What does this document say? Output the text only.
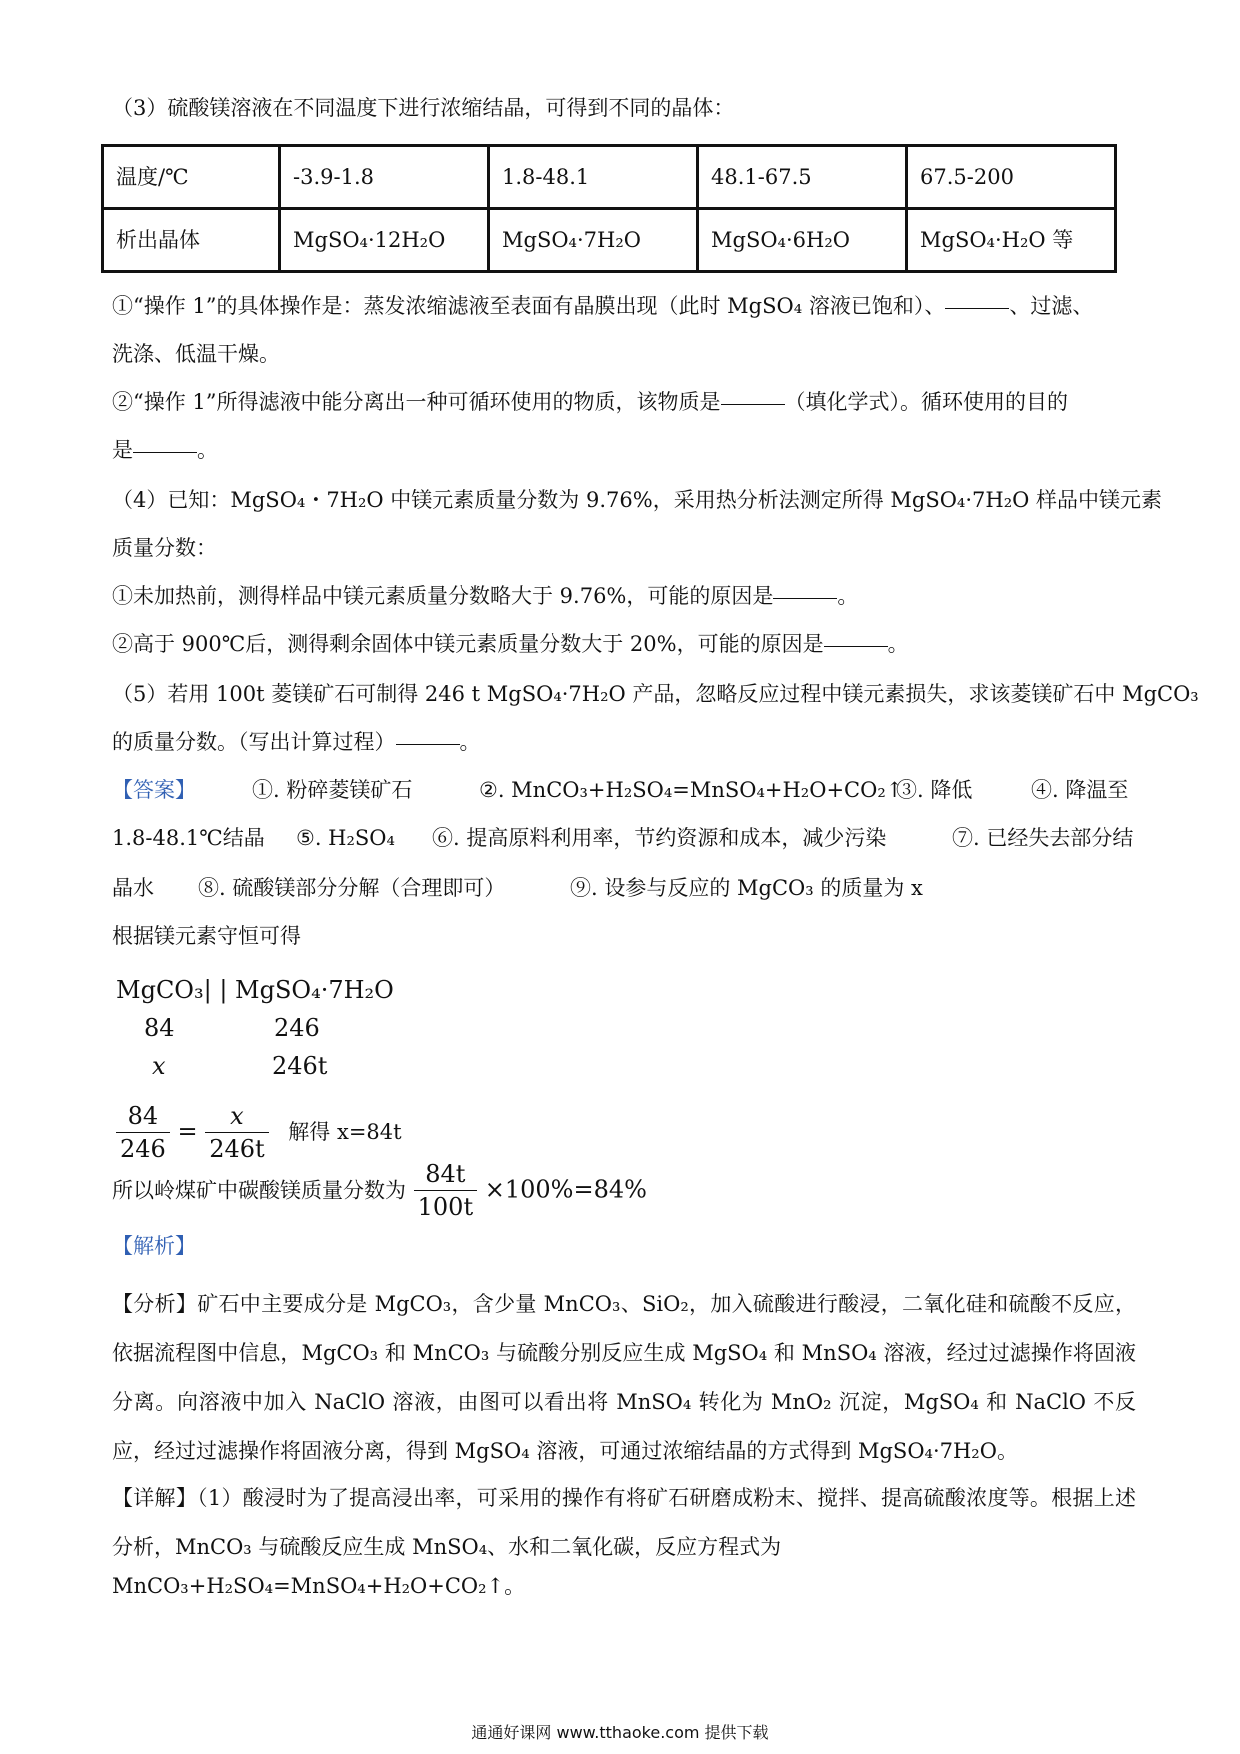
（3）硫酸镁溶液在不同温度下进行浓缩结晶，可得到不同的晶体：
温度/℃	-3.9-1.8	1.8-48.1	48.1-67.5	67.5-200
析出晶体	MgSO₄·12H₂O	MgSO₄·7H₂O	MgSO₄·6H₂O	MgSO₄·H₂O 等
①“操作 1”的具体操作是：蒸发浓缩滤液至表面有晶膜出现（此时 MgSO₄ 溶液已饱和）、	、过滤、
洗涤、低温干燥。
②“操作 1”所得滤液中能分离出一种可循环使用的物质，该物质是	（填化学式）。循环使用的目的
是	。
（4）已知：MgSO₄・7H₂O 中镁元素质量分数为 9.76%，采用热分析法测定所得 MgSO₄·7H₂O 样品中镁元素
质量分数：
①未加热前，测得样品中镁元素质量分数略大于 9.76%，可能的原因是	。
②高于 900℃后，测得剩余固体中镁元素质量分数大于 20%，可能的原因是	。
（5）若用 100t 菱镁矿石可制得 246 t MgSO₄·7H₂O 产品，忽略反应过程中镁元素损失，求该菱镁矿石中 MgCO₃
的质量分数。（写出计算过程）	。
【答案】	①. 粉碎菱镁矿石	②. MnCO₃+H₂SO₄=MnSO₄+H₂O+CO₂↑
③. 降低	④. 降温至
1.8-48.1℃结晶 ⑤. H₂SO₄ ⑥. 提高原料利用率，节约资源和成本，减少污染	⑦. 已经失去部分结
晶水 ⑧. 硫酸镁部分分解（合理即可）	⑨. 设参与反应的 MgCO₃ 的质量为 x
根据镁元素守恒可得
MgCO₃| | MgSO₄·7H₂O
84	246
x	246t
$\frac{84}{246} = \frac{x}{246t}$ 解得 x=84t
所以岭煤矿中碳酸镁质量分数为 $\frac{84t}{100t} \times 100\%=84\%$
【解析】
【分析】矿石中主要成分是 MgCO₃，含少量 MnCO₃、SiO₂，加入硫酸进行酸浸，二氧化硅和硫酸不反应，依据流程图中信息，MgCO₃ 和 MnCO₃ 与硫酸分别反应生成 MgSO₄ 和 MnSO₄ 溶液，经过过滤操作将固液分离。向溶液中加入 NaClO 溶液，由图可以看出将 MnSO₄ 转化为 MnO₂ 沉淀，MgSO₄ 和 NaClO 不反应，经过过滤操作将固液分离，得到 MgSO₄ 溶液，可通过浓缩结晶的方式得到 MgSO₄·7H₂O。
【详解】（1）酸浸时为了提高浸出率，可采用的操作有将矿石研磨成粉末、搅拌、提高硫酸浓度等。根据上述分析，MnCO₃ 与硫酸反应生成 MnSO₄、水和二氧化碳，反应方程式为
MnCO₃+H₂SO₄=MnSO₄+H₂O+CO₂↑。
通通好课网 www.tthaoke.com 提供下载
